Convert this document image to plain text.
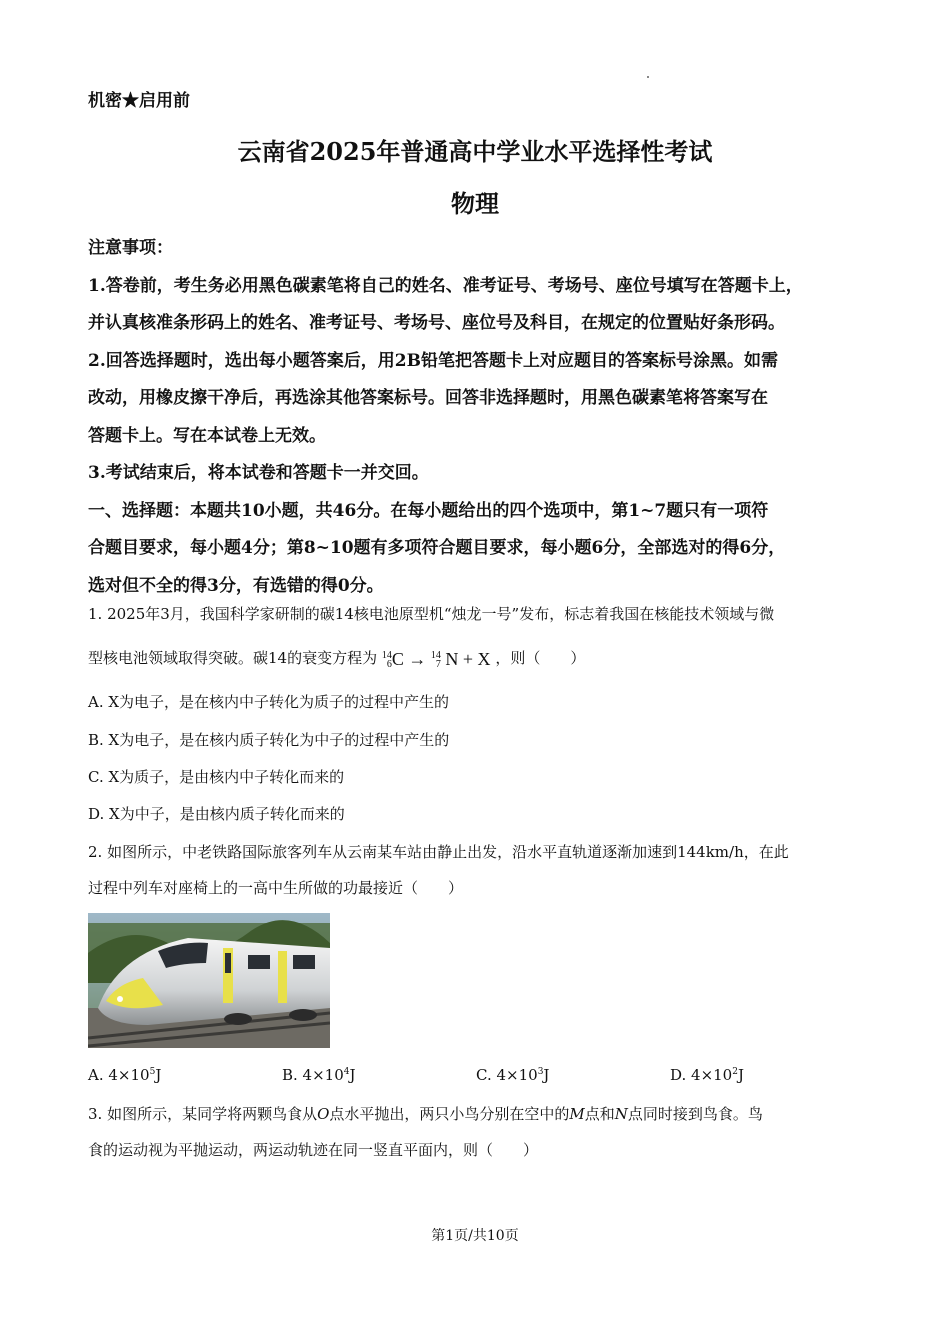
机密★启用前
云南省2025年普通高中学业水平选择性考试
物理

注意事项：

1.答卷前，考生务必用黑色碳素笔将自己的姓名、准考证号、考场号、座位号填写在答题卡上，

并认真核准条形码上的姓名、准考证号、考场号、座位号及科目，在规定的位置贴好条形码。

2.回答选择题时，选出每小题答案后，用2B铅笔把答题卡上对应题目的答案标号涂黑。如需

改动，用橡皮擦干净后，再选涂其他答案标号。回答非选择题时，用黑色碳素笔将答案写在

答题卡上。写在本试卷上无效。

3.考试结束后，将本试卷和答题卡一并交回。

一、选择题：本题共10小题，共46分。在每小题给出的四个选项中，第1~7题只有一项符

合题目要求，每小题4分；第8~10题有多项符合题目要求，每小题6分，全部选对的得6分，

选对但不全的得3分，有选错的得0分。

1. 2025年3月，我国科学家研制的碳14核电池原型机“烛龙一号”发布，标志着我国在核能技术领域与微
型核电池领域取得突破。碳14的衰变方程为 14
6 C → 14
7 N + X ，则（　　）
A. X为电子，是在核内中子转化为质子的过程中产生的
B. X为电子，是在核内质子转化为中子的过程中产生的
C. X为质子，是由核内中子转化而来的
D. X为中子，是由核内质子转化而来的
2. 如图所示，中老铁路国际旅客列车从云南某车站由静止出发，沿水平直轨道逐渐加速到144km/h，在此
过程中列车对座椅上的一高中生所做的功最接近（　　）
A. $4\times 10^5J$	B. $4\times 10^4J$	C. $4\times 10^3J$	D. $4\times 10^2J$
3. 如图所示，某同学将两颗鸟食从O点水平抛出，两只小鸟分别在空中的M点和N点同时接到鸟食。鸟
食的运动视为平抛运动，两运动轨迹在同一竖直平面内，则（　　）
第1页/共10页
